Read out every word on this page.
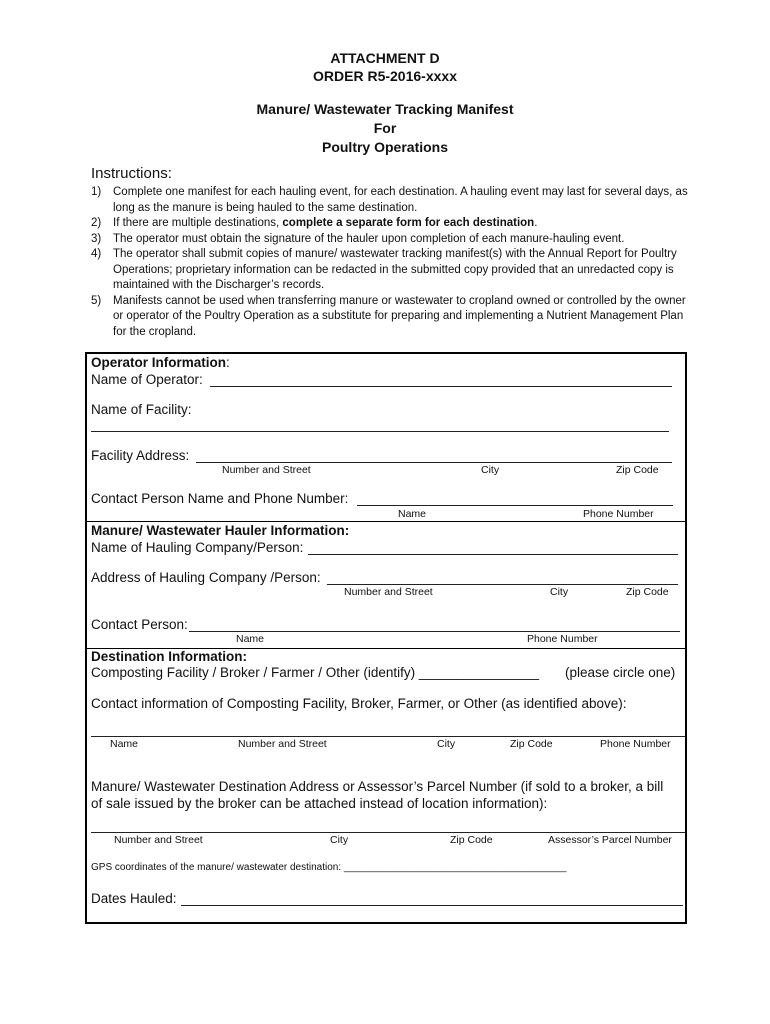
ATTACHMENT D
ORDER R5-2016-xxxx
Manure/ Wastewater Tracking Manifest
For
Poultry Operations
Instructions:
1) Complete one manifest for each hauling event, for each destination. A hauling event may last for several days, as long as the manure is being hauled to the same destination.
2) If there are multiple destinations, complete a separate form for each destination.
3) The operator must obtain the signature of the hauler upon completion of each manure-hauling event.
4) The operator shall submit copies of manure/ wastewater tracking manifest(s) with the Annual Report for Poultry Operations; proprietary information can be redacted in the submitted copy provided that an unredacted copy is maintained with the Discharger’s records.
5) Manifests cannot be used when transferring manure or wastewater to cropland owned or controlled by the owner or operator of the Poultry Operation as a substitute for preparing and implementing a Nutrient Management Plan for the cropland.
Operator Information:
Name of Operator:
Name of Facility:
Facility Address:
Number and Street	City	Zip Code
Contact Person Name and Phone Number:
Name	Phone Number
Manure/ Wastewater Hauler Information:
Name of Hauling Company/Person:
Address of Hauling Company /Person:
Number and Street	City	Zip Code
Contact Person:
Name	Phone Number
Destination Information:
Composting Facility / Broker / Farmer / Other (identify) ________________ (please circle one)
Contact information of Composting Facility, Broker, Farmer, or Other (as identified above):
Name	Number and Street	City	Zip Code	Phone Number
Manure/ Wastewater Destination Address or Assessor’s Parcel Number (if sold to a broker, a bill
of sale issued by the broker can be attached instead of location information):
Number and Street	City	Zip Code	Assessor’s Parcel Number
GPS coordinates of the manure/ wastewater destination: ________________________________________
Dates Hauled:
